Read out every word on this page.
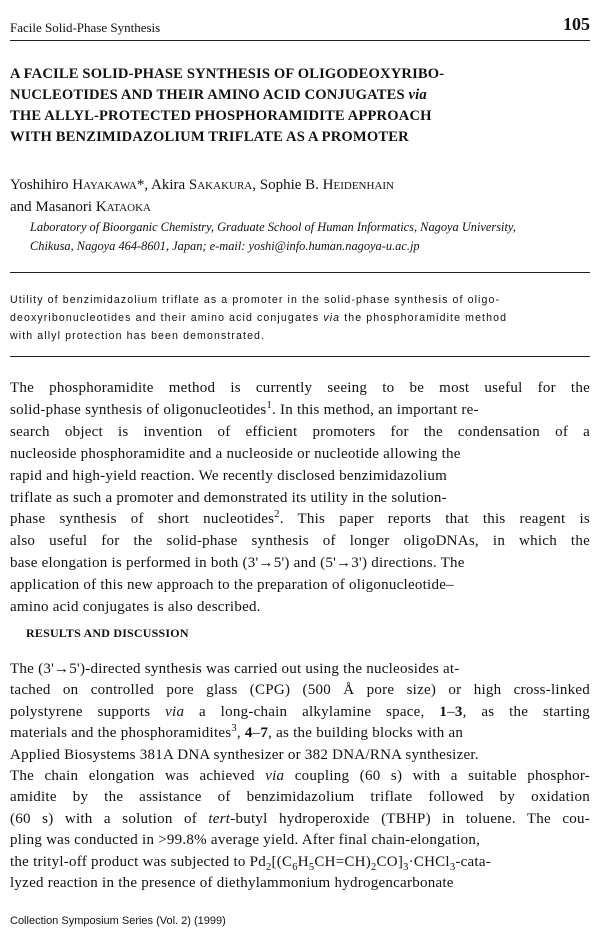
Facile Solid-Phase Synthesis	105

A FACILE SOLID-PHASE SYNTHESIS OF OLIGODEOXYRIBO-

NUCLEOTIDES AND THEIR AMINO ACID CONJUGATES via

THE ALLYL-PROTECTED PHOSPHORAMIDITE APPROACH

WITH BENZIMIDAZOLIUM TRIFLATE AS A PROMOTER

Yoshihiro Hayakawa*, Akira Sakakura, Sophie B. Heidenhain

and Masanori Kataoka

Laboratory of Bioorganic Chemistry, Graduate School of Human Informatics, Nagoya University,

Chikusa, Nagoya 464-8601, Japan; e-mail: yoshi@info.human.nagoya-u.ac.jp

Utility of benzimidazolium triflate as a promoter in the solid-phase synthesis of oligo-

deoxyribonucleotides and their amino acid conjugates via the phosphoramidite method

with allyl protection has been demonstrated.

The phosphoramidite method is currently seeing to be most useful for the

solid-phase synthesis of oligonucleotides$^1$. In this method, an important re-

search object is invention of efficient promoters for the condensation of a

nucleoside phosphoramidite and a nucleoside or nucleotide allowing the

rapid and high-yield reaction. We recently disclosed benzimidazolium

triflate as such a promoter and demonstrated its utility in the solution-

phase synthesis of short nucleotides$^2$. This paper reports that this reagent is

also useful for the solid-phase synthesis of longer oligoDNAs, in which the

base elongation is performed in both (3'→5') and (5'→3') directions. The

application of this new approach to the preparation of oligonucleotide–

amino acid conjugates is also described.

RESULTS AND DISCUSSION

The (3'→5')-directed synthesis was carried out using the nucleosides at-

tached on controlled pore glass (CPG) (500 Å pore size) or high cross-linked

polystyrene supports via a long-chain alkylamine space, 1–3, as the starting

materials and the phosphoramidites$^3$, 4–7, as the building blocks with an

Applied Biosystems 381A DNA synthesizer or 382 DNA/RNA synthesizer.

The chain elongation was achieved via coupling (60 s) with a suitable phosphor-

amidite by the assistance of benzimidazolium triflate followed by oxidation

(60 s) with a solution of tert-butyl hydroperoxide (TBHP) in toluene. The cou-

pling was conducted in >99.8% average yield. After final chain-elongation,

the trityl-off product was subjected to $Pd_2[(C_6H_5CH=CH)_2CO]_3\cdot CHCl_3-cata-$

lyzed reaction in the presence of diethylammonium hydrogencarbonate

Collection Symposium Series (Vol. 2) (1999)
